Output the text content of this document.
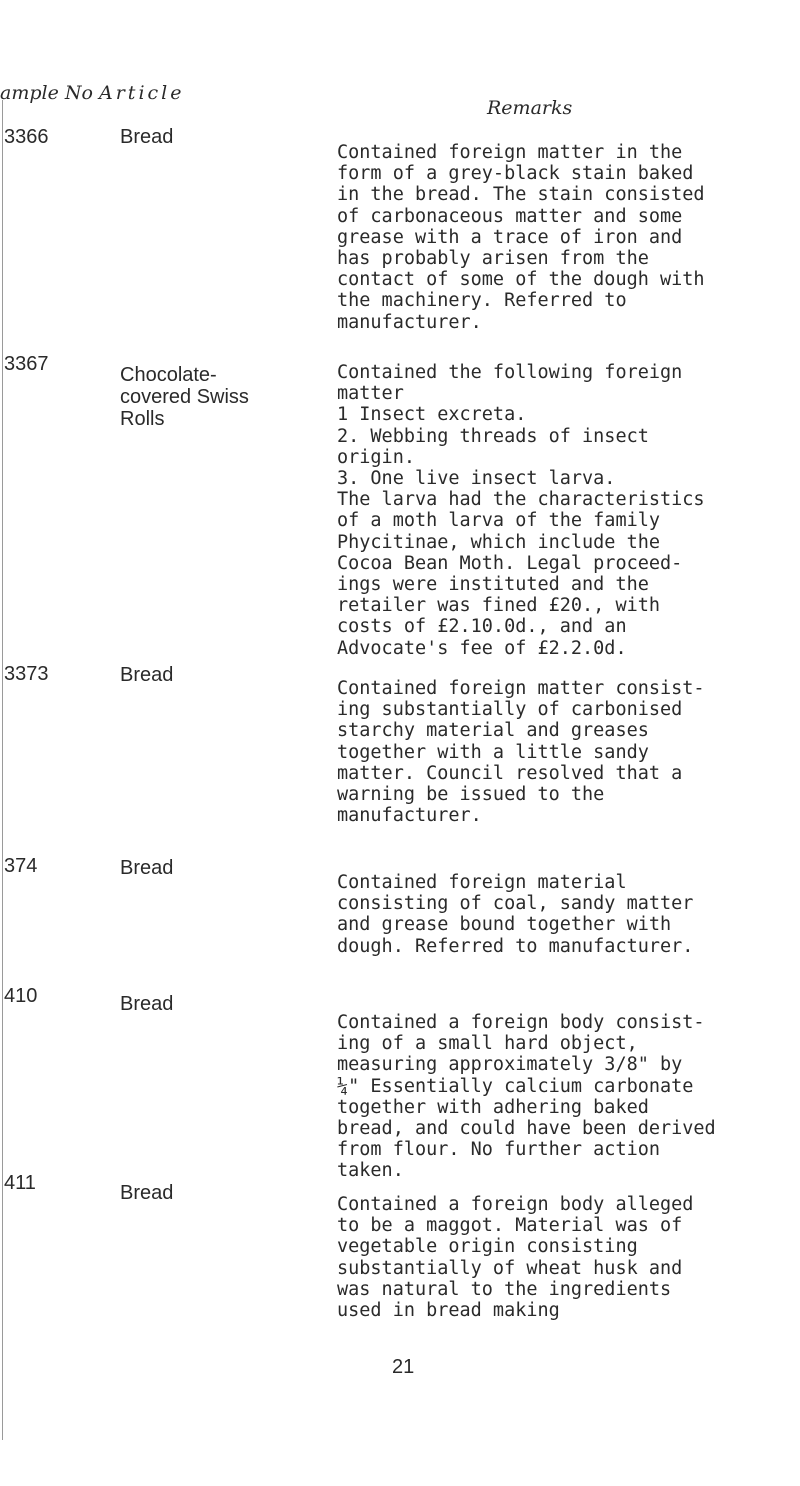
ample No Article
Remarks
3366	Bread
Contained foreign matter in the
form of a grey-black stain baked
in the bread. The stain consisted
of carbonaceous matter and some
grease with a trace of iron and
has probably arisen from the
contact of some of the dough with
the machinery. Referred to
manufacturer.
3367	Chocolate-
covered Swiss
Rolls
Contained the following foreign
matter
1 Insect excreta.
2. Webbing threads of insect
origin.
3. One live insect larva.
The larva had the characteristics
of a moth larva of the family
Phycitinae, which include the
Cocoa Bean Moth. Legal proceed-
ings were instituted and the
retailer was fined £20., with
costs of £2.10.0d., and an
Advocate's fee of £2.2.0d.
3373	Bread
Contained foreign matter consist-
ing substantially of carbonised
starchy material and greases
together with a little sandy
matter. Council resolved that a
warning be issued to the
manufacturer.
374	Bread
Contained foreign material
consisting of coal, sandy matter
and grease bound together with
dough. Referred to manufacturer.
410	Bread
Contained a foreign body consist-
ing of a small hard object,
measuring approximately 3/8" by
¼" Essentially calcium carbonate
together with adhering baked
bread, and could have been derived
from flour. No further action
taken.
411	Bread
Contained a foreign body alleged
to be a maggot. Material was of
vegetable origin consisting
substantially of wheat husk and
was natural to the ingredients
used in bread making
21
